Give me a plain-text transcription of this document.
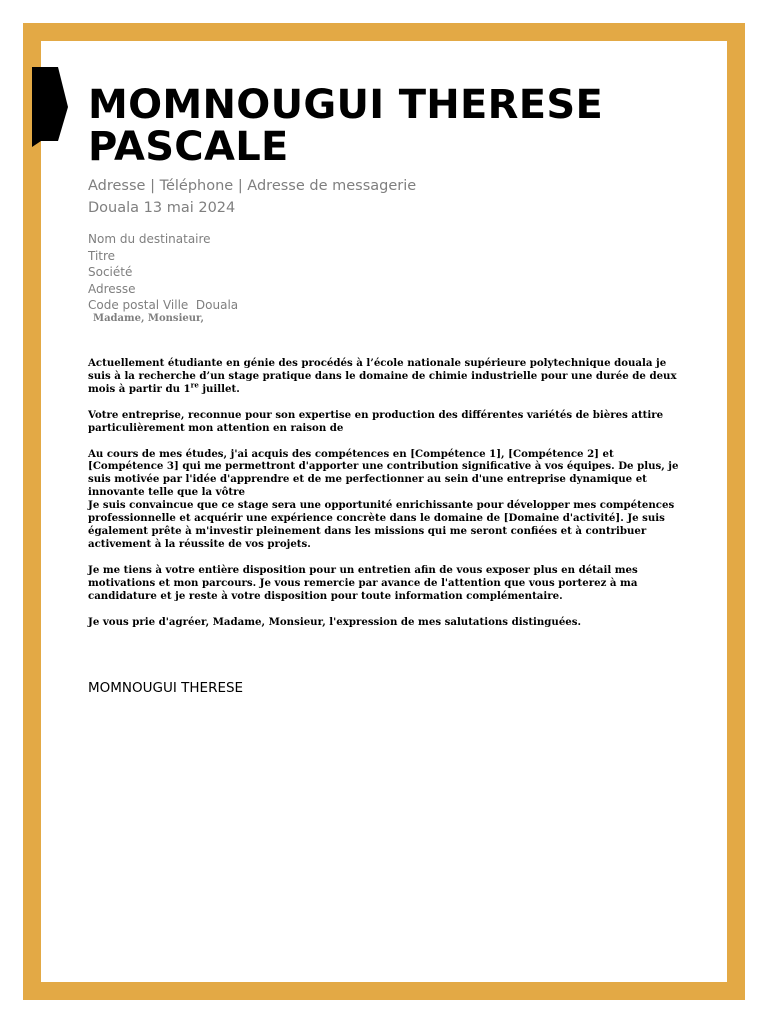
MOMNOUGUI THERESE PASCALE
Adresse | Téléphone | Adresse de messagerie
Douala 13 mai 2024
Nom du destinataire
Titre
Société
Adresse
Code postal Ville  Douala
Madame, Monsieur,

Actuellement étudiante en génie des procédés à l’école nationale supérieure polytechnique douala je suis à la recherche d’un stage pratique dans le domaine de chimie industrielle pour une durée de deux mois à partir du 1re juillet.

Votre entreprise, reconnue pour son expertise en production des différentes variétés de bières attire particulièrement mon attention en raison de

Au cours de mes études, j'ai acquis des compétences en [Compétence 1], [Compétence 2] et [Compétence 3] qui me permettront d'apporter une contribution significative à vos équipes. De plus, je suis motivée par l'idée d'apprendre et de me perfectionner au sein d'une entreprise dynamique et innovante telle que la vôtre
Je suis convaincue que ce stage sera une opportunité enrichissante pour développer mes compétences professionnelle et acquérir une expérience concrète dans le domaine de [Domaine d'activité]. Je suis également prête à m'investir pleinement dans les missions qui me seront confiées et à contribuer activement à la réussite de vos projets.

Je me tiens à votre entière disposition pour un entretien afin de vous exposer plus en détail mes motivations et mon parcours. Je vous remercie par avance de l'attention que vous porterez à ma candidature et je reste à votre disposition pour toute information complémentaire.

Je vous prie d'agréer, Madame, Monsieur, l'expression de mes salutations distinguées.

MOMNOUGUI THERESE
